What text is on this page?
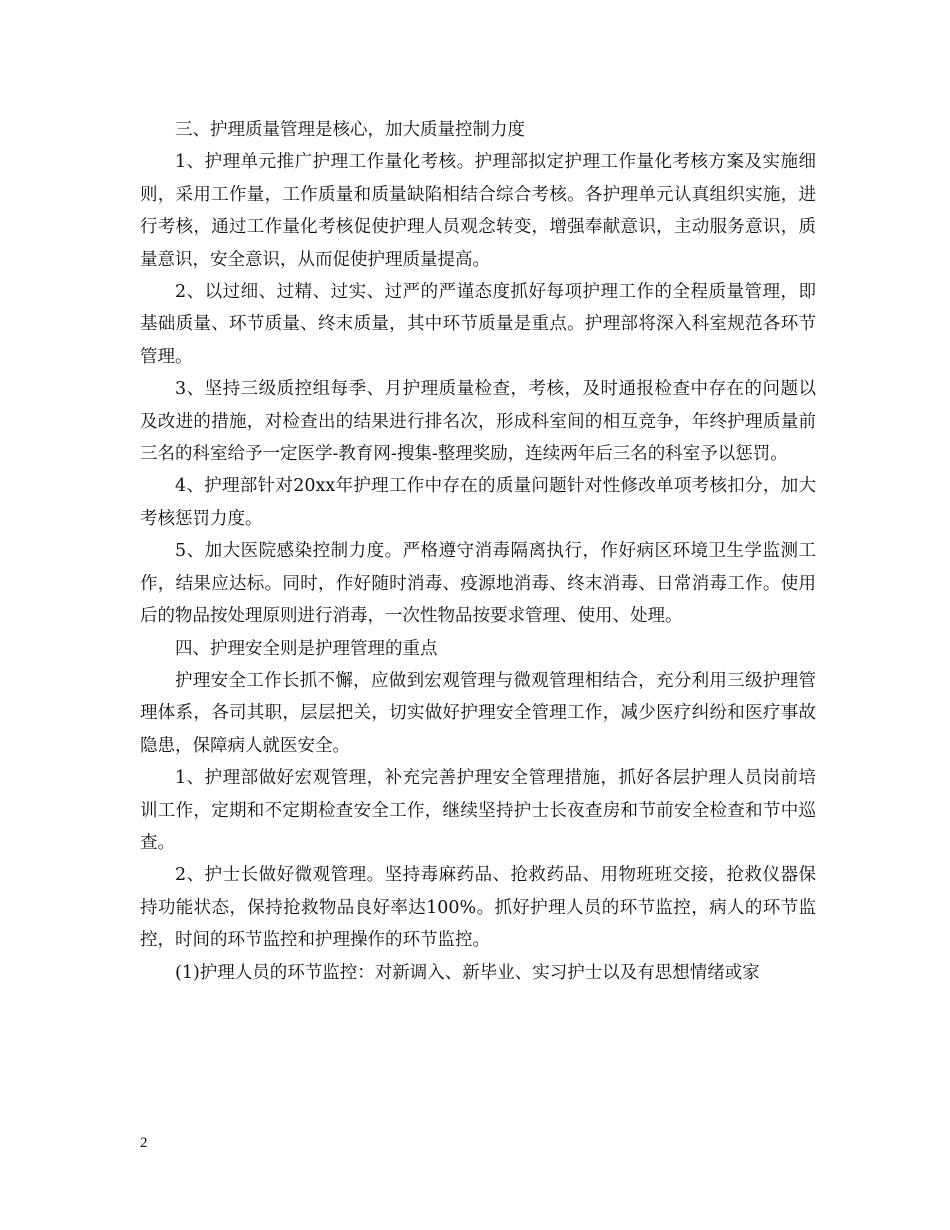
三、护理质量管理是核心，加大质量控制力度

1、护理单元推广护理工作量化考核。护理部拟定护理工作量化考核方案及实施细则，采用工作量，工作质量和质量缺陷相结合综合考核。各护理单元认真组织实施，进行考核，通过工作量化考核促使护理人员观念转变，增强奉献意识，主动服务意识，质量意识，安全意识，从而促使护理质量提高。

2、以过细、过精、过实、过严的严谨态度抓好每项护理工作的全程质量管理，即基础质量、环节质量、终末质量，其中环节质量是重点。护理部将深入科室规范各环节管理。

3、坚持三级质控组每季、月护理质量检查，考核，及时通报检查中存在的问题以及改进的措施，对检查出的结果进行排名次，形成科室间的相互竞争，年终护理质量前三名的科室给予一定医学-教育网-搜集-整理奖励，连续两年后三名的科室予以惩罚。

4、护理部针对20xx年护理工作中存在的质量问题针对性修改单项考核扣分，加大考核惩罚力度。

5、加大医院感染控制力度。严格遵守消毒隔离执行，作好病区环境卫生学监测工作，结果应达标。同时，作好随时消毒、疫源地消毒、终末消毒、日常消毒工作。使用后的物品按处理原则进行消毒，一次性物品按要求管理、使用、处理。

四、护理安全则是护理管理的重点

护理安全工作长抓不懈，应做到宏观管理与微观管理相结合，充分利用三级护理管理体系，各司其职，层层把关，切实做好护理安全管理工作，减少医疗纠纷和医疗事故隐患，保障病人就医安全。

1、护理部做好宏观管理，补充完善护理安全管理措施，抓好各层护理人员岗前培训工作，定期和不定期检查安全工作，继续坚持护士长夜查房和节前安全检查和节中巡查。

2、护士长做好微观管理。坚持毒麻药品、抢救药品、用物班班交接，抢救仪器保持功能状态，保持抢救物品良好率达100%。抓好护理人员的环节监控，病人的环节监控，时间的环节监控和护理操作的环节监控。

(1)护理人员的环节监控：对新调入、新毕业、实习护士以及有思想情绪或家

2
